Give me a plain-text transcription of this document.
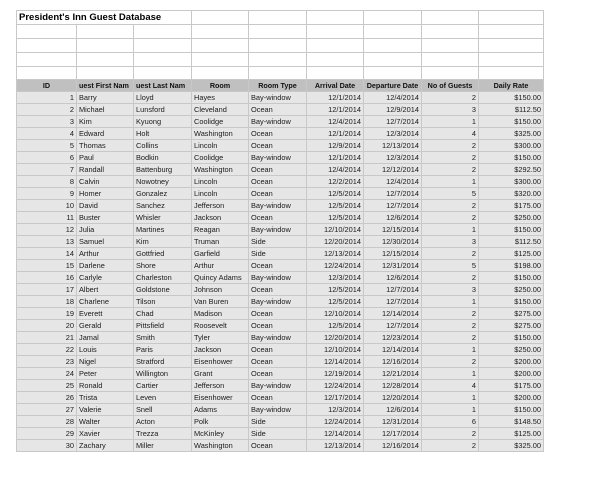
President's Inn Guest Database								

ID	uest First Nam	uest Last Nam	Room	Room Type	Arrival Date	Departure Date	No of Guests	Daily Rate
1	Barry	Lloyd	Hayes	Bay-window	12/1/2014	12/4/2014	2	$150.00
2	Michael	Lunsford	Cleveland	Ocean	12/1/2014	12/9/2014	3	$112.50
3	Kim	Kyuong	Coolidge	Bay-window	12/4/2014	12/7/2014	1	$150.00
4	Edward	Holt	Washington	Ocean	12/1/2014	12/3/2014	4	$325.00
5	Thomas	Collins	Lincoln	Ocean	12/9/2014	12/13/2014	2	$300.00
6	Paul	Bodkin	Coolidge	Bay-window	12/1/2014	12/3/2014	2	$150.00
7	Randall	Battenburg	Washington	Ocean	12/4/2014	12/12/2014	2	$292.50
8	Calvin	Nowotney	Lincoln	Ocean	12/2/2014	12/4/2014	1	$300.00
9	Homer	Gonzalez	Lincoln	Ocean	12/5/2014	12/7/2014	5	$320.00
10	David	Sanchez	Jefferson	Bay-window	12/5/2014	12/7/2014	2	$175.00
11	Buster	Whisler	Jackson	Ocean	12/5/2014	12/6/2014	2	$250.00
12	Julia	Martines	Reagan	Bay-window	12/10/2014	12/15/2014	1	$150.00
13	Samuel	Kim	Truman	Side	12/20/2014	12/30/2014	3	$112.50
14	Arthur	Gottfried	Garfield	Side	12/13/2014	12/15/2014	2	$125.00
15	Darlene	Shore	Arthur	Ocean	12/24/2014	12/31/2014	5	$198.00
16	Carlyle	Charleston	Quincy Adams	Bay-window	12/3/2014	12/6/2014	2	$150.00
17	Albert	Goldstone	Johnson	Ocean	12/5/2014	12/7/2014	3	$250.00
18	Charlene	Tilson	Van Buren	Bay-window	12/5/2014	12/7/2014	1	$150.00
19	Everett	Chad	Madison	Ocean	12/10/2014	12/14/2014	2	$275.00
20	Gerald	Pittsfield	Roosevelt	Ocean	12/5/2014	12/7/2014	2	$275.00
21	Jamal	Smith	Tyler	Bay-window	12/20/2014	12/23/2014	2	$150.00
22	Louis	Paris	Jackson	Ocean	12/10/2014	12/14/2014	1	$250.00
23	Nigel	Stratford	Eisenhower	Ocean	12/14/2014	12/16/2014	2	$200.00
24	Peter	Willington	Grant	Ocean	12/19/2014	12/21/2014	1	$200.00
25	Ronald	Cartier	Jefferson	Bay-window	12/24/2014	12/28/2014	4	$175.00
26	Trista	Leven	Eisenhower	Ocean	12/17/2014	12/20/2014	1	$200.00
27	Valerie	Snell	Adams	Bay-window	12/3/2014	12/6/2014	1	$150.00
28	Walter	Acton	Polk	Side	12/24/2014	12/31/2014	6	$148.50
29	Xavier	Trezza	McKinley	Side	12/14/2014	12/17/2014	2	$125.00
30	Zachary	Miller	Washington	Ocean	12/13/2014	12/16/2014	2	$325.00
